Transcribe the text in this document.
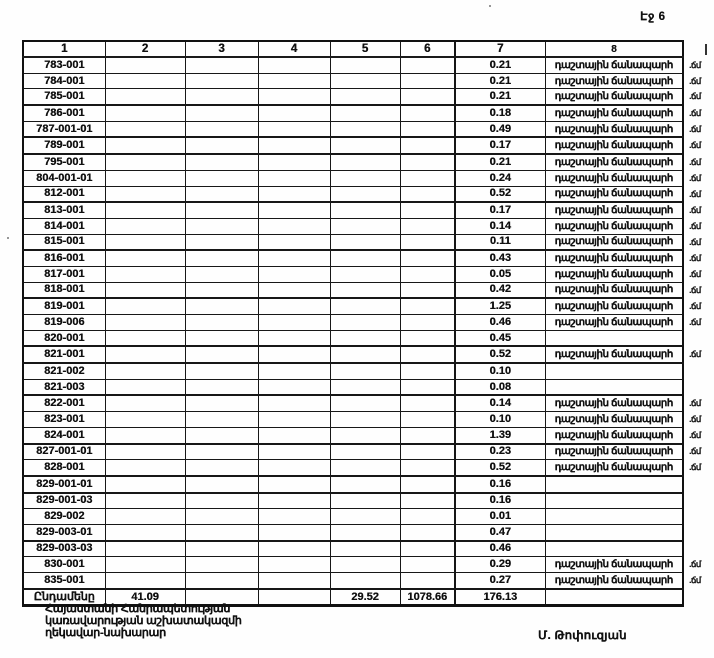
Էջ 6
1	2	3	4	5	6	7	8	
783-001						0.21	դաշտային ճանապարհ	.ճմ
784-001						0.21	դաշտային ճանապարհ	.ճմ
785-001						0.21	դաշտային ճանապարհ	.ճմ
786-001						0.18	դաշտային ճանապարհ	.ճմ
787-001-01						0.49	դաշտային ճանապարհ	.ճմ
789-001						0.17	դաշտային ճանապարհ	.ճմ
795-001						0.21	դաշտային ճանապարհ	.ճմ
804-001-01						0.24	դաշտային ճանապարհ	.ճմ
812-001						0.52	դաշտային ճանապարհ	.ճմ
813-001						0.17	դաշտային ճանապարհ	.ճմ
814-001						0.14	դաշտային ճանապարհ	.ճմ
815-001						0.11	դաշտային ճանապարհ	.ճմ
816-001						0.43	դաշտային ճանապարհ	.ճմ
817-001						0.05	դաշտային ճանապարհ	.ճմ
818-001						0.42	դաշտային ճանապարհ	.ճմ
819-001						1.25	դաշտային ճանապարհ	.ճմ
819-006						0.46	դաշտային ճանապարհ	.ճմ
820-001						0.45		
821-001						0.52	դաշտային ճանապարհ	.ճմ
821-002						0.10		
821-003						0.08		
822-001						0.14	դաշտային ճանապարհ	.ճմ
823-001						0.10	դաշտային ճանապարհ	.ճմ
824-001						1.39	դաշտային ճանապարհ	.ճմ
827-001-01						0.23	դաշտային ճանապարհ	.ճմ
828-001						0.52	դաշտային ճանապարհ	.ճմ
829-001-01						0.16		
829-001-03						0.16		
829-002						0.01		
829-003-01						0.47		
829-003-03						0.46		
830-001						0.29	դաշտային ճանապարհ	.ճմ
835-001						0.27	դաշտային ճանապարհ	.ճմ
Ընդամենը	41.09			29.52	1078.66	176.13		
Հայաստանի Հանրապետության
կառավարության աշխատակազմի
ղեկավար-նախարար	Մ. Թոփուզյան
